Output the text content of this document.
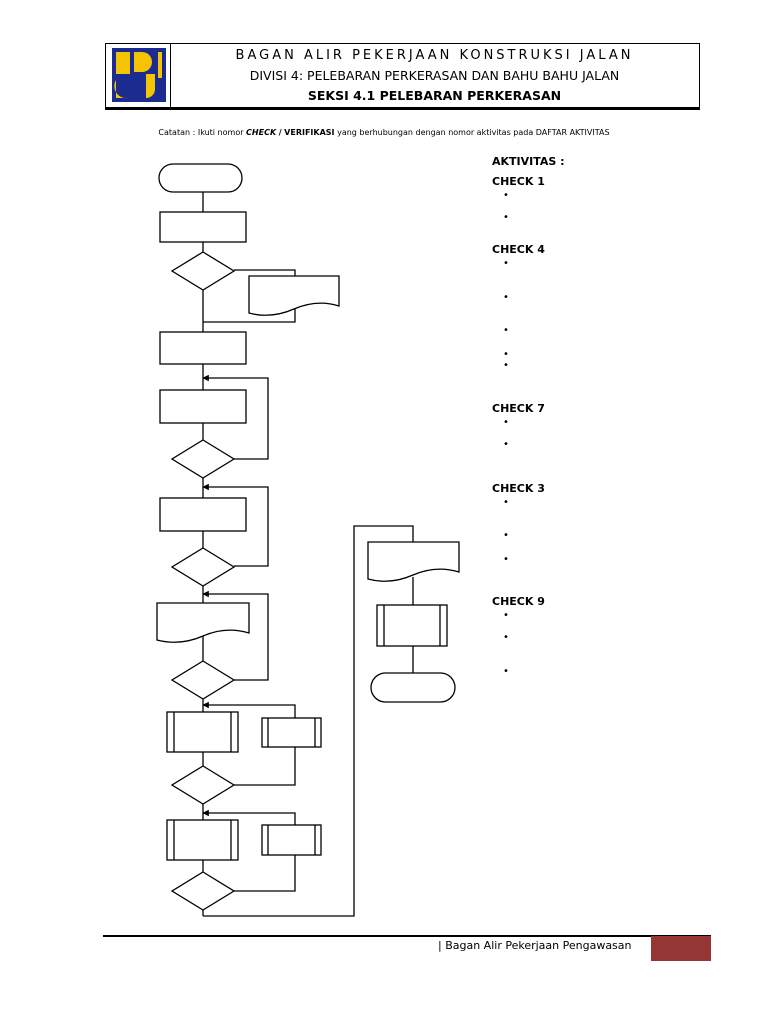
BAGAN ALIR PEKERJAAN KONSTRUKSI JALAN
DIVISI 4: PELEBARAN PERKERASAN DAN BAHU BAHU JALAN
SEKSI 4.1 PELEBARAN PERKERASAN
Catatan : Ikuti nomor CHECK / VERIFIKASI yang berhubungan dengan nomor aktivitas pada DAFTAR AKTIVITAS
AKTIVITAS :
CHECK 1
•
•
CHECK 4
•
•
•
•
•
CHECK 7
•
•
CHECK 3
•
•
•
CHECK 9
•
•
•
| Bagan Alir Pekerjaan Pengawasan
